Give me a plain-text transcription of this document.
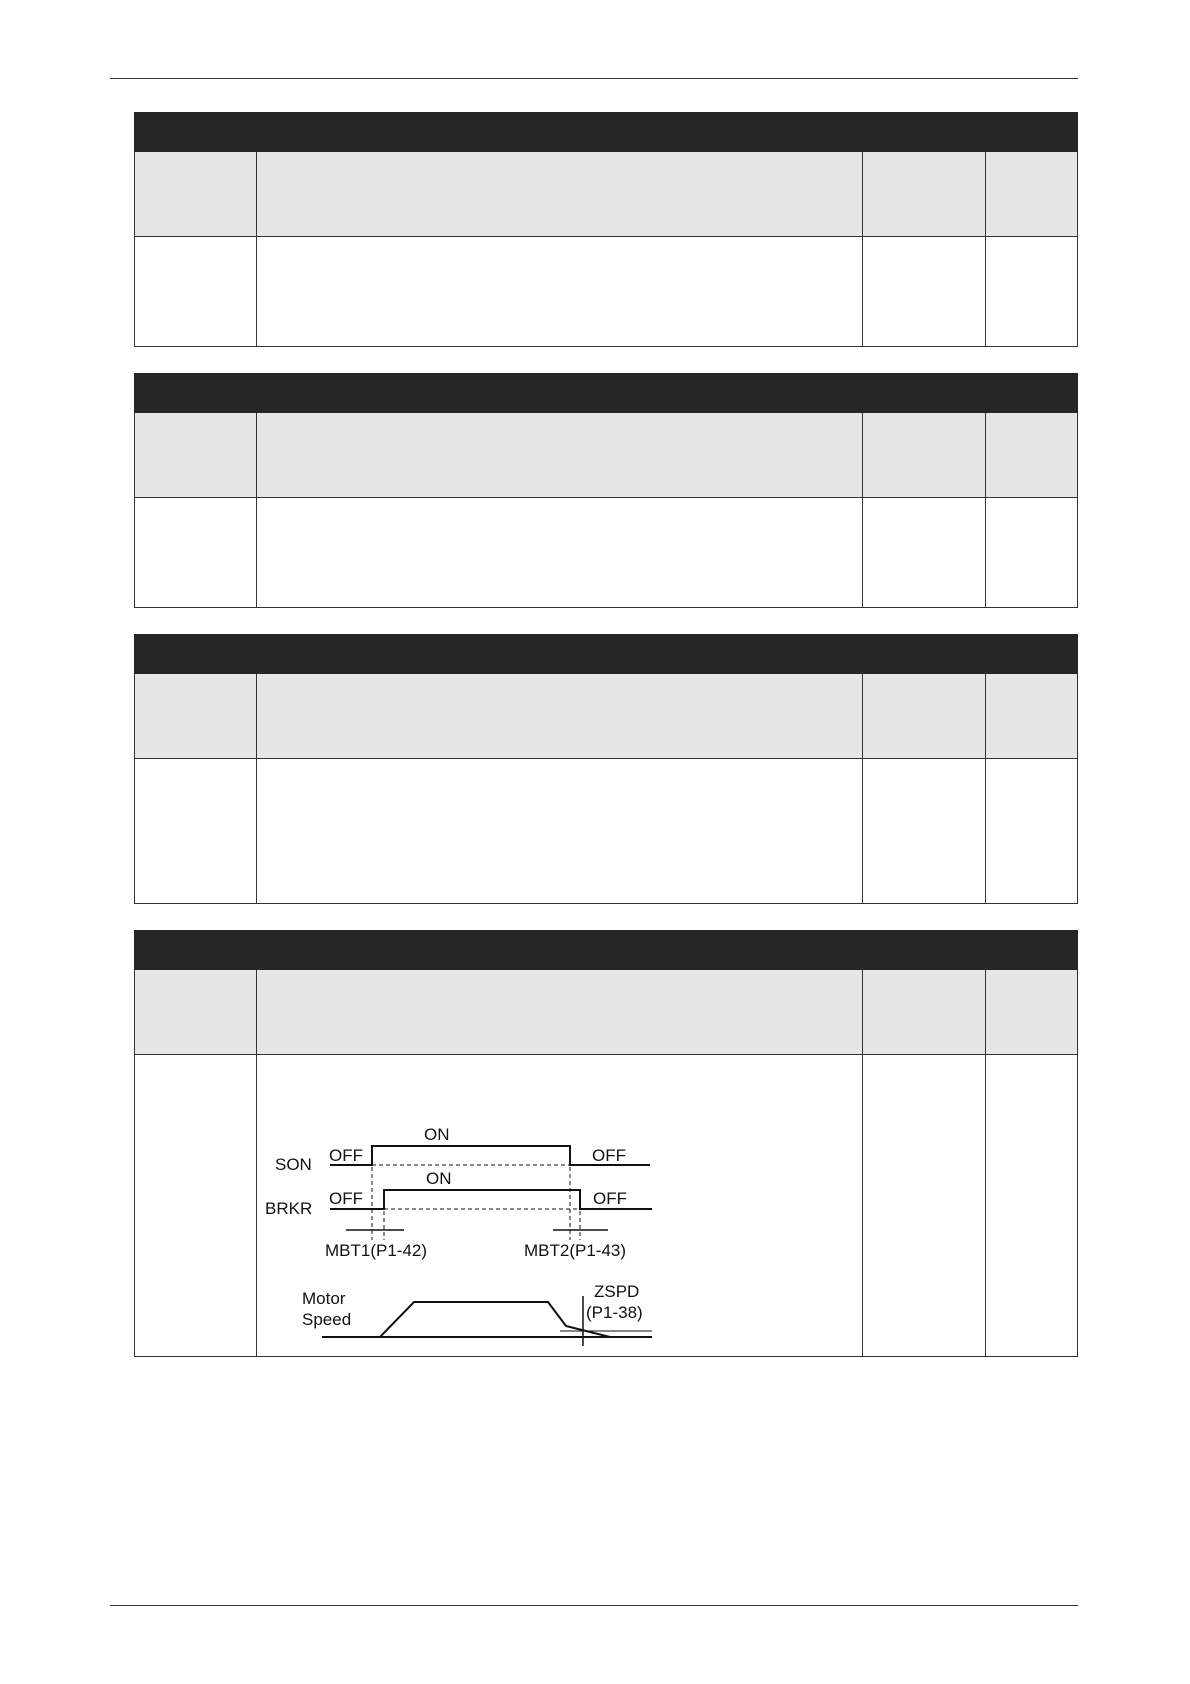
SON OFF
ON
OFF
BRKR
OFF
ON
OFF
MBT1(P1-42)	MBT2(P1-43)
Motor
Speed
ZSPD
(P1-38)
